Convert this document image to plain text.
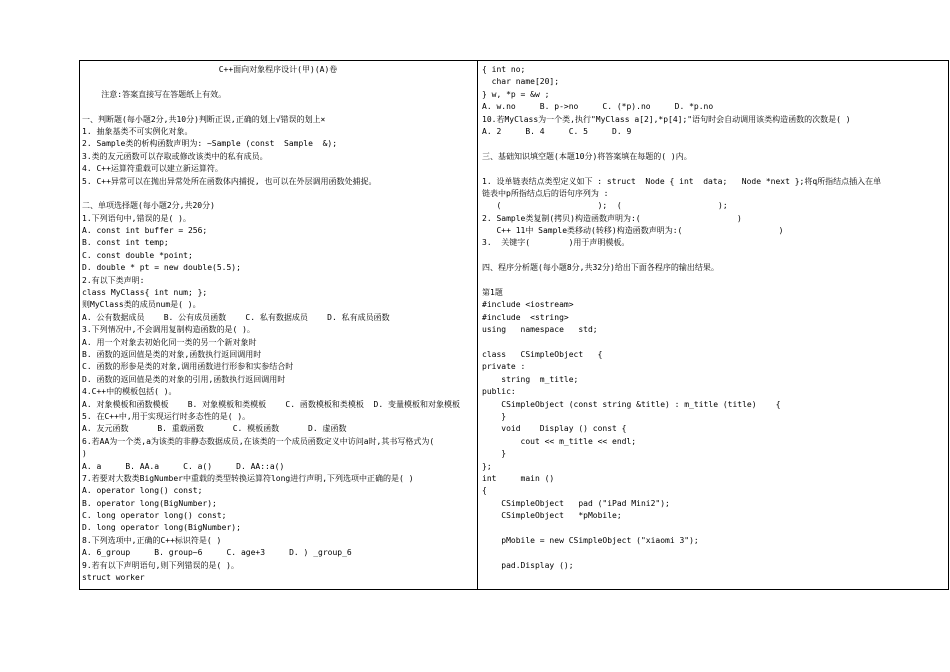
C++面向对象程序设计(甲)(A)卷
注意:答案直接写在答题纸上有效。
一、判断题(每小题2分,共10分)判断正误,正确的划上√错误的划上×
1. 抽象基类不可实例化对象。
2. Sample类的析构函数声明为: ~Sample (const  Sample  &);
3.类的友元函数可以存取或修改该类中的私有成员。
4. C++运算符重载可以建立新运算符。
5. C++异常可以在抛出异常处所在函数体内捕捉, 也可以在外层调用函数处捕捉。
二、单项选择题(每小题2分,共20分)
1.下列语句中,错误的是( )。
A. const int buffer = 256;
B. const int temp;
C. const double *point;
D. double * pt = new double(5.5);
2.有以下类声明:
class MyClass{ int num; };
则MyClass类的成员num是( )。
A. 公有数据成员    B. 公有成员函数    C. 私有数据成员    D. 私有成员函数
3.下列情况中,不会调用复制构造函数的是( )。
A. 用一个对象去初始化同一类的另一个新对象时
B. 函数的返回值是类的对象,函数执行返回调用时
C. 函数的形参是类的对象,调用函数进行形参和实参结合时
D. 函数的返回值是类的对象的引用,函数执行返回调用时
4.C++中的模板包括( )。
A. 对象模板和函数模板    B. 对象模板和类模板    C. 函数模板和类模板  D. 变量模板和对象模板
5. 在C++中,用于实现运行时多态性的是( )。
A. 友元函数      B. 重载函数      C. 模板函数      D. 虚函数
6.若AA为一个类,a为该类的非静态数据成员,在该类的一个成员函数定义中访问a时,其书写格式为(
)
A. a     B. AA.a     C. a()     D. AA::a()
7.若要对大数类BigNumber中重载的类型转换运算符long进行声明,下列选项中正确的是( )
A. operator long() const;
B. operator long(BigNumber);
C. long operator long() const;
D. long operator long(BigNumber);
8.下列选项中,正确的C++标识符是( )
A. 6_group     B. group~6     C. age+3     D. ) _group_6
9.若有以下声明语句,则下列错误的是( )。
struct worker
{ int no;
char name[20];
} w, *p = &w ;
A. w.no     B. p->no     C. (*p).no     D. *p.no
10.若MyClass为一个类,执行"MyClass a[2],*p[4];"语句时会自动调用该类构造函数的次数是( )
A. 2     B. 4     C. 5     D. 9
三、基础知识填空题(本题10分)将答案填在每题的( )内。
1. 设单链表结点类型定义如下 : struct  Node { int  data;   Node *next };将q所指结点插入在单
链表中p所指结点后的语句序列为 :
(                    );  (                    );
2. Sample类复制(拷贝)构造函数声明为:(                    )
C++ 11中 Sample类移动(转移)构造函数声明为:(                    )
3.  关键字(        )用于声明模板。
四、程序分析题(每小题8分,共32分)给出下面各程序的输出结果。
第1题
#include <iostream>
#include  <string>
using   namespace   std;
class   CSimpleObject   {
private :
string  m_title;
public:
CSimpleObject (const string &title) : m_title (title)    {
}
void    Display () const {
cout << m_title << endl;
}
};
int     main ()
{
CSimpleObject   pad ("iPad Mini2");
CSimpleObject   *pMobile;
pMobile = new CSimpleObject ("xiaomi 3");
pad.Display ();
